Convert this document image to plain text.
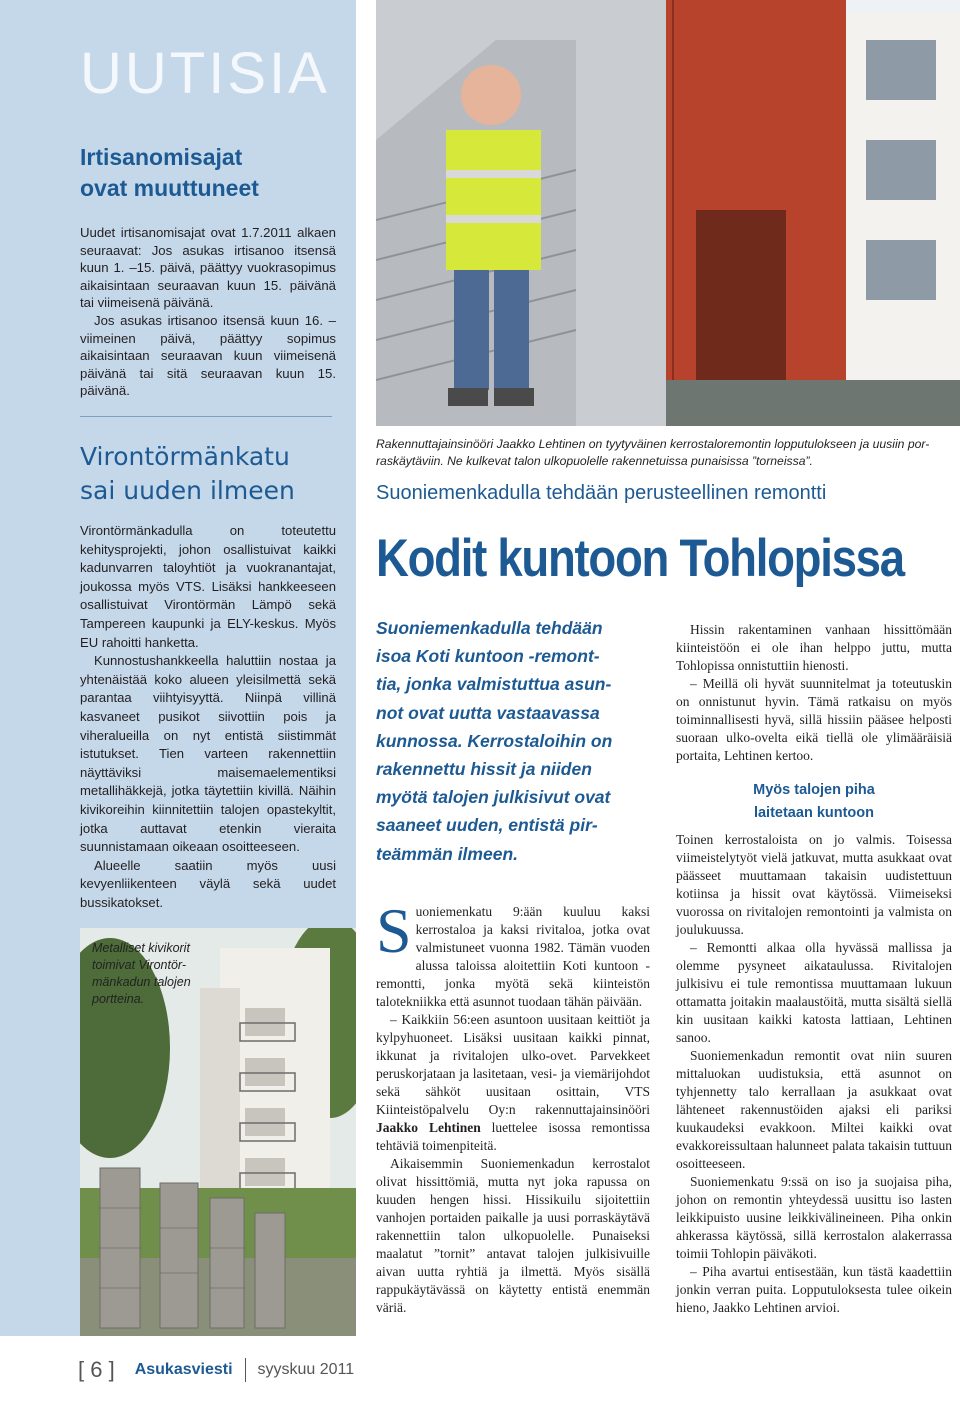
UUTISIA
Irtisanomisajat
ovat muuttuneet

Uudet irtisanomisajat ovat 1.7.2011 alkaen seuraavat: Jos asukas irtisanoo itsensä kuun 1. –15. päivä, päättyy vuokrasopimus aikaisintaan seuraavan kuun 15. päivänä tai viimeisenä päivänä.

Jos asukas irtisanoo itsensä kuun 16. – viimeinen päivä, päättyy sopimus aikaisintaan seuraavan kuun viimeisenä päivänä tai sitä seuraavan kuun 15. päivänä.

Virontörmänkatu
sai uuden ilmeen

Virontörmänkadulla on toteutettu kehitysprojekti, johon osallistuivat kaikki kadunvarren taloyhtiöt ja vuokranantajat, joukossa myös VTS. Lisäksi hankkeeseen osallistuivat Virontörmän Lämpö sekä Tampereen kaupunki ja ELY-keskus. Myös EU rahoitti hanketta.

Kunnostushankkeella haluttiin nostaa ja yhtenäistää koko alueen yleisilmettä sekä parantaa viihtyisyyttä. Niinpä villinä kasvaneet pusikot siivottiin pois ja viheralueilla on nyt entistä siistimmät istutukset. Tien varteen rakennettiin näyttäviksi maisemaelementiksi metallihäkkejä, jotka täytettiin kivillä. Näihin kivikoreihin kiinnitettiin talojen opastekyltit, jotka auttavat etenkin vieraita suunnistamaan oikeaan osoitteeseen.

Alueelle saatiin myös uusi kevyenliikenteen väylä sekä uudet bussikatokset.

Metalliset kivikorit
toimivat Virontör-
mänkadun talojen
portteina.
[ 6 ] Asukasviesti syyskuu 2011
Rakennuttajainsinööri Jaakko Lehtinen on tyytyväinen kerrostaloremontin lopputulokseen ja uusiin por-
raskäytäviin. Ne kulkevat talon ulkopuolelle rakennetuissa punaisissa ”torneissa”.
Suoniemenkadulla tehdään perusteellinen remontti
Kodit kuntoon Tohlopissa
Suoniemenkadulla tehdään
isoa Koti kuntoon -remont-
tia, jonka valmistuttua asun-
not ovat uutta vastaavassa
kunnossa. Kerrostaloihin on
rakennettu hissit ja niiden
myötä talojen julkisivut ovat
saaneet uuden, entistä pir-
teämmän ilmeen.

Suoniemenkatu 9:ään kuuluu kaksi kerrostaloa ja kaksi rivitaloa, jotka ovat valmistuneet vuonna 1982. Tämän vuoden alussa taloissa aloitettiin Koti kuntoon -remontti, jonka myötä sekä kiinteistön talotekniikka että asunnot tuodaan tähän päivään.

– Kaikkiin 56:een asuntoon uusitaan keittiöt ja kylpyhuoneet. Lisäksi uusitaan kaikki pinnat, ikkunat ja rivitalojen ulko-ovet. Parvekkeet peruskorjataan ja lasitetaan, vesi- ja viemärijohdot sekä sähköt uusitaan osittain, VTS Kiinteistöpalvelu Oy:n rakennuttajainsinööri Jaakko Lehtinen luettelee isossa remontissa tehtäviä toimenpiteitä.

Aikaisemmin Suoniemenkadun kerrostalot olivat hissittömiä, mutta nyt joka rapussa on kuuden hengen hissi. Hissikuilu sijoitettiin vanhojen portaiden paikalle ja uusi porraskäytävä rakennettiin talon ulkopuolelle. Punaiseksi maalatut ”tornit” antavat talojen julkisivuille aivan uutta ryhtiä ja ilmettä. Myös sisällä rappukäytävässä on käytetty entistä enemmän väriä.

Hissin rakentaminen vanhaan hissittömään kiinteistöön ei ole ihan helppo juttu, mutta Tohlopissa onnistuttiin hienosti.

– Meillä oli hyvät suunnitelmat ja toteutuskin on onnistunut hyvin. Tämä ratkaisu on myös toiminnallisesti hyvä, sillä hissiin pääsee helposti suoraan ulko-ovelta eikä tiellä ole ylimääräisiä portaita, Lehtinen kertoo.

Myös talojen piha
laitetaan kuntoon

Toinen kerrostaloista on jo valmis. Toisessa viimeistelytyöt vielä jatkuvat, mutta asukkaat ovat päässeet muuttamaan takaisin uudistettuun kotiinsa ja hissit ovat käytössä. Viimeiseksi vuorossa on rivitalojen remontointi ja valmista on joulukuussa.

– Remontti alkaa olla hyvässä mallissa ja olemme pysyneet aikataulussa. Rivitalojen julkisivu ei tule remontissa muuttamaan lukuun ottamatta joitakin maalaustöitä, mutta sisältä siellä kin uusitaan kaikki katosta lattiaan, Lehtinen sanoo.

Suoniemenkadun remontit ovat niin suuren mittaluokan uudistuksia, että asunnot on tyhjennetty talo kerrallaan ja asukkaat ovat lähteneet rakennustöiden ajaksi eli pariksi kuukaudeksi evakkoon. Miltei kaikki ovat evakkoreissultaan halunneet palata takaisin tuttuun osoitteeseen.

Suoniemenkatu 9:ssä on iso ja suojaisa piha, johon on remontin yhteydessä uusittu iso lasten leikkipuisto uusine leikkivälineineen. Piha onkin ahkerassa käytössä, sillä kerrostalon alakerrassa toimii Tohlopin päiväkoti.

– Piha avartui entisestään, kun tästä kaadettiin jonkin verran puita. Lopputuloksesta tulee oikein hieno, Jaakko Lehtinen arvioi.
